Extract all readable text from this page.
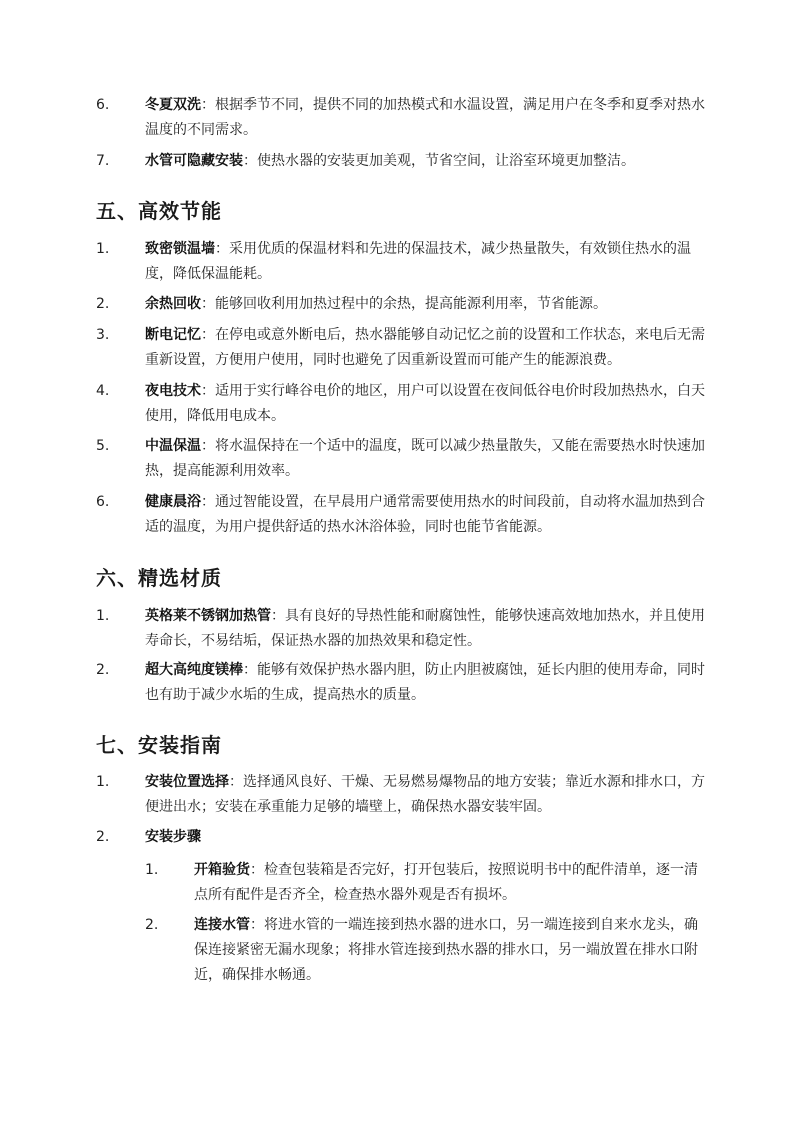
6.	冬夏双洗：根据季节不同，提供不同的加热模式和水温设置，满足用户在冬季和夏季对热水温度的不同需求。
7.	水管可隐藏安装：使热水器的安装更加美观，节省空间，让浴室环境更加整洁。
五、高效节能
1.	致密锁温墙：采用优质的保温材料和先进的保温技术，减少热量散失，有效锁住热水的温度，降低保温能耗。
2.	余热回收：能够回收利用加热过程中的余热，提高能源利用率，节省能源。
3.	断电记忆：在停电或意外断电后，热水器能够自动记忆之前的设置和工作状态，来电后无需重新设置，方便用户使用，同时也避免了因重新设置而可能产生的能源浪费。
4.	夜电技术：适用于实行峰谷电价的地区，用户可以设置在夜间低谷电价时段加热热水，白天使用，降低用电成本。
5.	中温保温：将水温保持在一个适中的温度，既可以减少热量散失，又能在需要热水时快速加热，提高能源利用效率。
6.	健康晨浴：通过智能设置，在早晨用户通常需要使用热水的时间段前，自动将水温加热到合适的温度，为用户提供舒适的热水沐浴体验，同时也能节省能源。
六、精选材质
1.	英格莱不锈钢加热管：具有良好的导热性能和耐腐蚀性，能够快速高效地加热水，并且使用寿命长，不易结垢，保证热水器的加热效果和稳定性。
2.	超大高纯度镁棒：能够有效保护热水器内胆，防止内胆被腐蚀，延长内胆的使用寿命，同时也有助于减少水垢的生成，提高热水的质量。
七、安装指南
1.	安装位置选择：选择通风良好、干燥、无易燃易爆物品的地方安装；靠近水源和排水口，方便进出水；安装在承重能力足够的墙壁上，确保热水器安装牢固。
2.	安装步骤
1.	开箱验货：检查包装箱是否完好，打开包装后，按照说明书中的配件清单，逐一清点所有配件是否齐全，检查热水器外观是否有损坏。
2.	连接水管：将进水管的一端连接到热水器的进水口，另一端连接到自来水龙头，确保连接紧密无漏水现象；将排水管连接到热水器的排水口，另一端放置在排水口附近，确保排水畅通。
